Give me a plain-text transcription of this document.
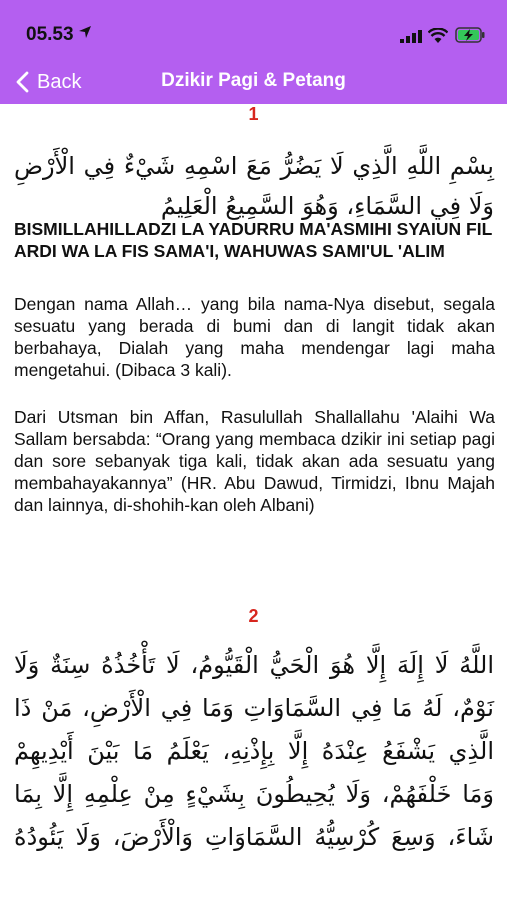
05.53
Back	Dzikir Pagi & Petang
1
بِسْمِ اللَّهِ الَّذِي لَا يَضُرُّ مَعَ اسْمِهِ شَيْءٌ فِي الْأَرْضِ وَلَا فِي السَّمَاءِ، وَهُوَ السَّمِيعُ الْعَلِيمُ
BISMILLAHILLADZI LA YADURRU MA'ASMIHI SYAIUN FIL ARDI WA LA FIS SAMA'I, WAHUWAS SAMI'UL 'ALIM
Dengan nama Allah… yang bila nama-Nya disebut, segala sesuatu yang berada di bumi dan di langit tidak akan berbahaya, Dialah yang maha mendengar lagi maha mengetahui. (Dibaca 3 kali).
Dari Utsman bin Affan, Rasulullah Shallallahu 'Alaihi Wa Sallam bersabda: “Orang yang membaca dzikir ini setiap pagi dan sore sebanyak tiga kali, tidak akan ada sesuatu yang membahayakannya” (HR. Abu Dawud, Tirmidzi, Ibnu Majah dan lainnya, di-shohih-kan oleh Albani)
2
اللَّهُ لَا إِلَهَ إِلَّا هُوَ الْحَيُّ الْقَيُّومُ، لَا تَأْخُذُهُ سِنَةٌ وَلَا
نَوْمٌ، لَهُ مَا فِي السَّمَاوَاتِ وَمَا فِي الْأَرْضِ، مَنْ ذَا
الَّذِي يَشْفَعُ عِنْدَهُ إِلَّا بِإِذْنِهِ، يَعْلَمُ مَا بَيْنَ أَيْدِيهِمْ
وَمَا خَلْفَهُمْ، وَلَا يُحِيطُونَ بِشَيْءٍ مِنْ عِلْمِهِ إِلَّا بِمَا
شَاءَ، وَسِعَ كُرْسِيُّهُ السَّمَاوَاتِ وَالْأَرْضَ، وَلَا يَئُودُهُ
